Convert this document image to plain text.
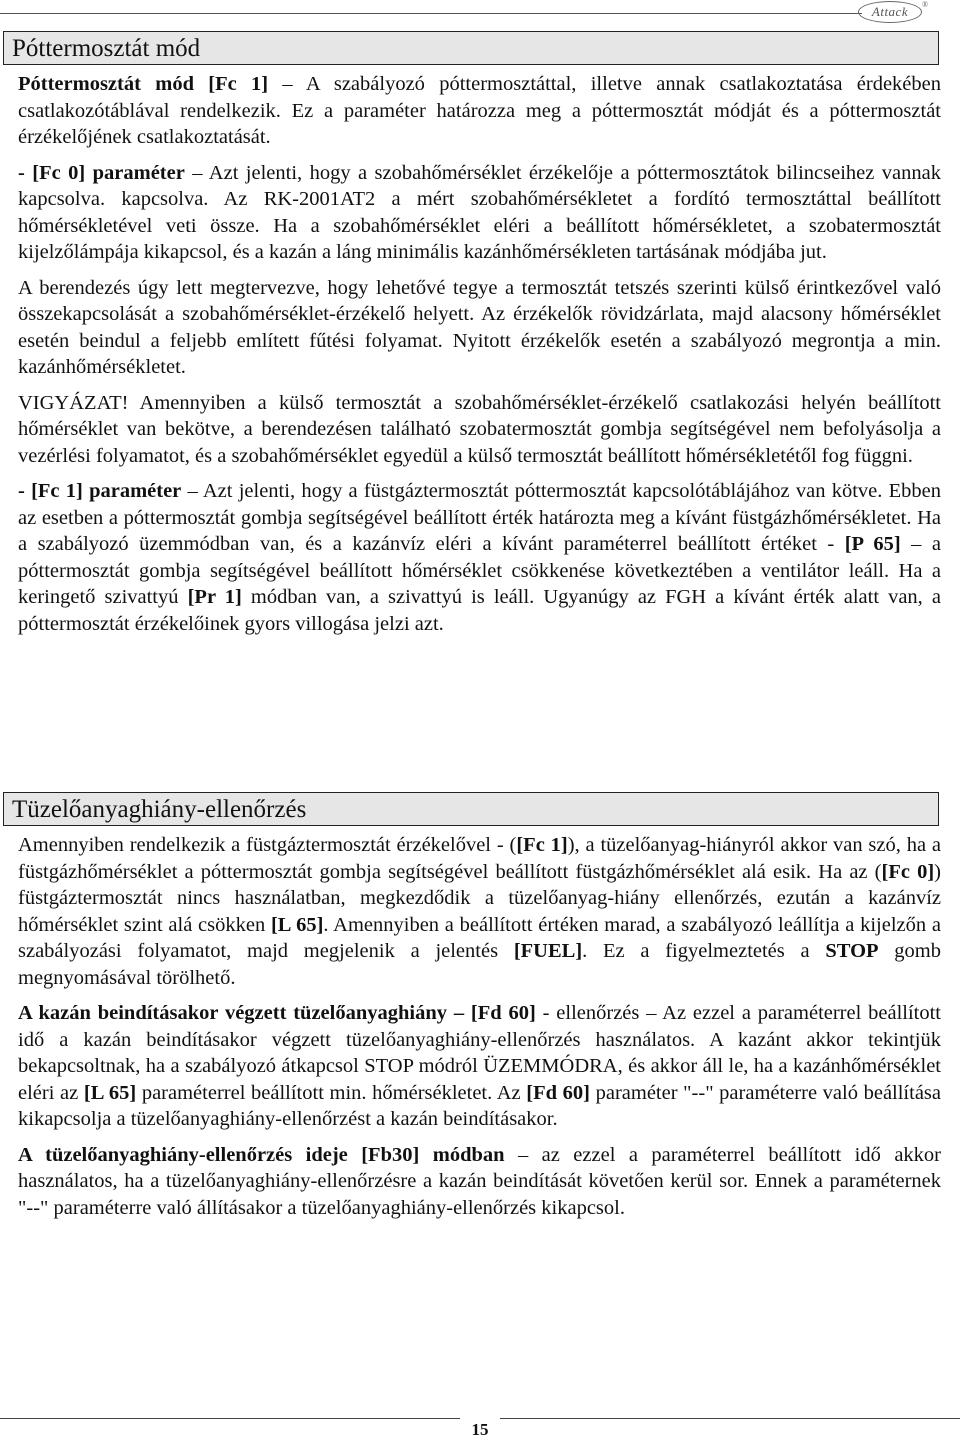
Attack	®
Póttermosztát mód

Póttermosztát mód [Fc 1] – A szabályozó póttermosztáttal, illetve annak csatlakoztatása érdekében csatlakozótáblával rendelkezik. Ez a paraméter határozza meg a póttermosztát módját és a póttermosztát érzékelőjének csatlakoztatását.

- [Fc 0] paraméter – Azt jelenti, hogy a szobahőmérséklet érzékelője a póttermosztátok bilincseihez vannak kapcsolva. kapcsolva. Az RK-2001AT2 a mért szobahőmérsékletet a fordító termosztáttal beállított hőmérsékletével veti össze. Ha a szobahőmérséklet eléri a beállított hőmérsékletet, a szobatermosztát kijelzőlámpája kikapcsol, és a kazán a láng minimális kazánhőmérsékleten tartásának módjába jut.

A berendezés úgy lett megtervezve, hogy lehetővé tegye a termosztát tetszés szerinti külső érintkezővel való összekapcsolását a szobahőmérséklet-érzékelő helyett. Az érzékelők rövidzárlata, majd alacsony hőmérséklet esetén beindul a feljebb említett fűtési folyamat. Nyitott érzékelők esetén a szabályozó megrontja a min. kazánhőmérsékletet.

VIGYÁZAT! Amennyiben a külső termosztát a szobahőmérséklet-érzékelő csatlakozási helyén beállított hőmérséklet van bekötve, a berendezésen található szobatermosztát gombja segítségével nem befolyásolja a vezérlési folyamatot, és a szobahőmérséklet egyedül a külső termosztát beállított hőmérsékletétől fog függni.

- [Fc 1] paraméter – Azt jelenti, hogy a füstgáztermosztát póttermosztát kapcsolótáblájához van kötve. Ebben az esetben a póttermosztát gombja segítségével beállított érték határozta meg a kívánt füstgázhőmérsékletet. Ha a szabályozó üzemmódban van, és a kazánvíz eléri a kívánt paraméterrel beállított értéket - [P 65] – a póttermosztát gombja segítségével beállított hőmérséklet csökkenése következtében a ventilátor leáll. Ha a keringető szivattyú [Pr 1] módban van, a szivattyú is leáll. Ugyanúgy az FGH a kívánt érték alatt van, a póttermosztát érzékelőinek gyors villogása jelzi azt.

Tüzelőanyaghiány-ellenőrzés

Amennyiben rendelkezik a füstgáztermosztát érzékelővel - ([Fc 1]), a tüzelőanyag-hiányról akkor van szó, ha a füstgázhőmérséklet a póttermosztát gombja segítségével beállított füstgázhőmérséklet alá esik. Ha az ([Fc 0]) füstgáztermosztát nincs használatban, megkezdődik a tüzelőanyag-hiány ellenőrzés, ezután a kazánvíz hőmérséklet szint alá csökken [L 65]. Amennyiben a beállított értéken marad, a szabályozó leállítja a kijelzőn a szabályozási folyamatot, majd megjelenik a jelentés [FUEL]. Ez a figyelmeztetés a STOP gomb megnyomásával törölhető.

A kazán beindításakor végzett tüzelőanyaghiány – [Fd 60] - ellenőrzés – Az ezzel a paraméterrel beállított idő a kazán beindításakor végzett tüzelőanyaghiány-ellenőrzés használatos. A kazánt akkor tekintjük bekapcsoltnak, ha a szabályozó átkapcsol STOP módról ÜZEMMÓDRA, és akkor áll le, ha a kazánhőmérséklet eléri az [L 65] paraméterrel beállított min. hőmérsékletet. Az [Fd 60] paraméter "--" paraméterre való beállítása kikapcsolja a tüzelőanyaghiány-ellenőrzést a kazán beindításakor.

A tüzelőanyaghiány-ellenőrzés ideje [Fb30] módban – az ezzel a paraméterrel beállított idő akkor használatos, ha a tüzelőanyaghiány-ellenőrzésre a kazán beindítását követően kerül sor. Ennek a paraméternek "--" paraméterre való állításakor a tüzelőanyaghiány-ellenőrzés kikapcsol.

15
